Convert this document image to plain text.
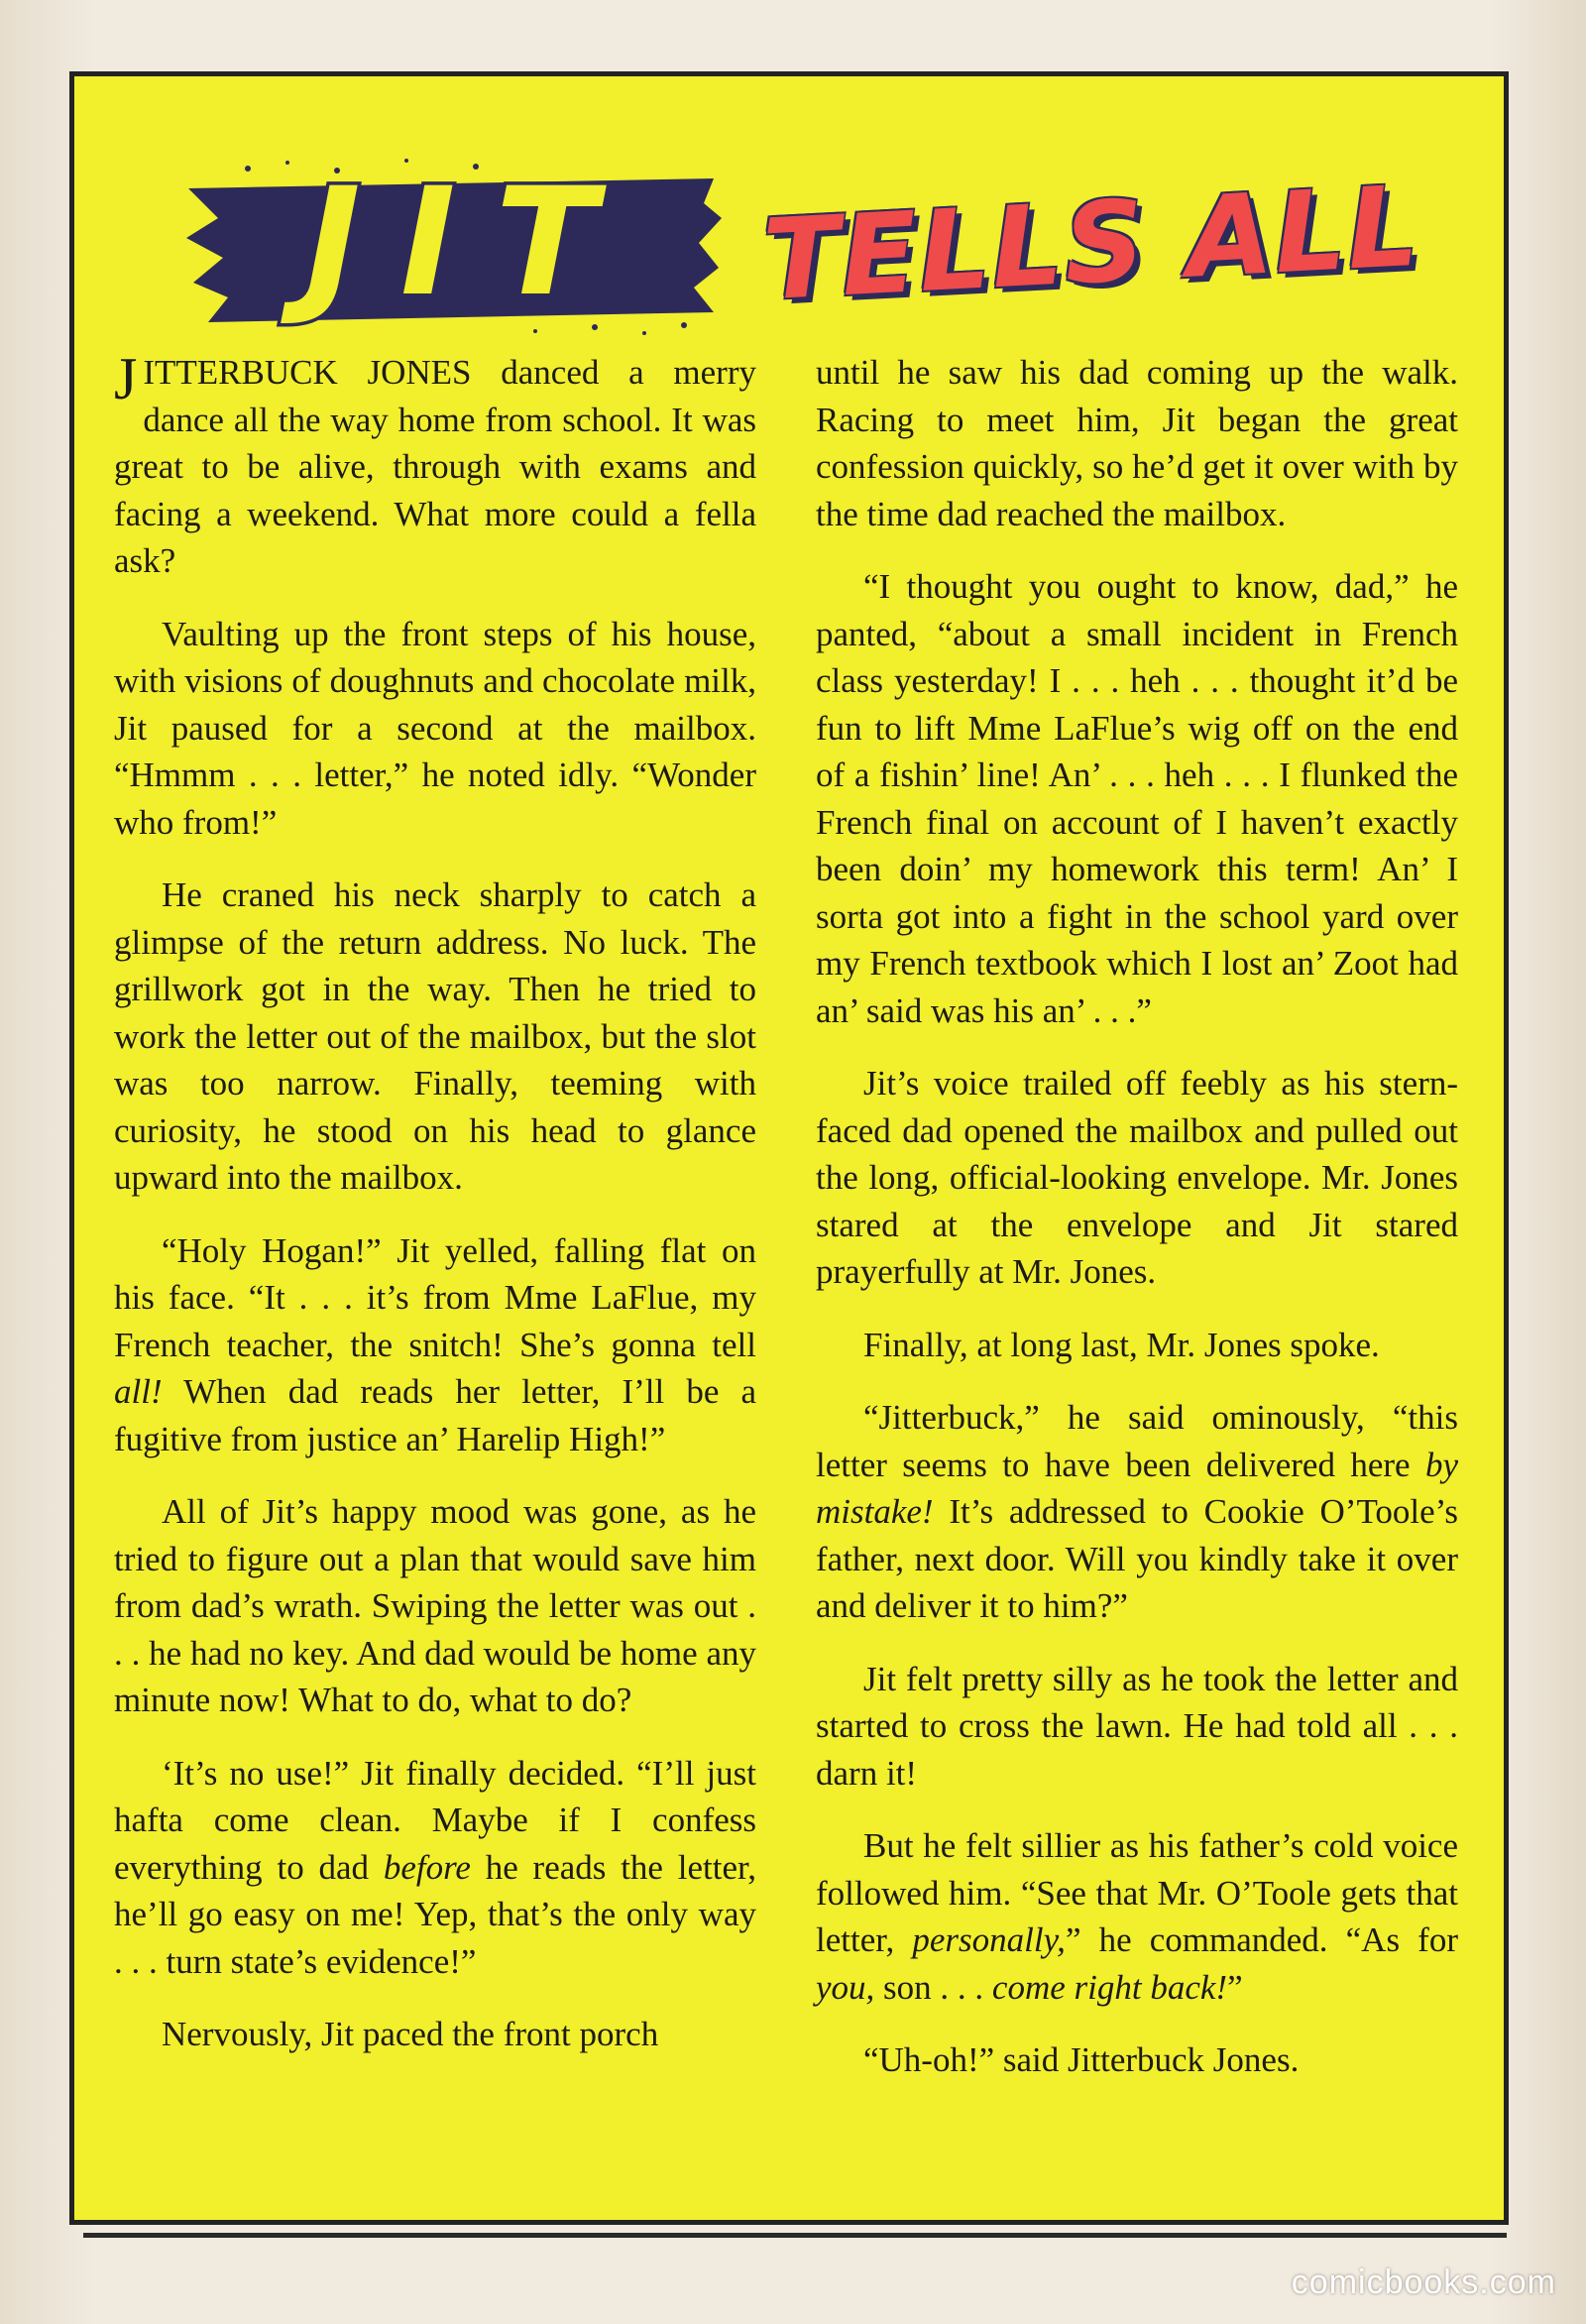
JIT	TELLS ALL

JITTERBUCK JONES danced a merry dance all the way home from school. It was great to be alive, through with exams and facing a weekend. What more could a fella ask?

Vaulting up the front steps of his house, with visions of doughnuts and chocolate milk, Jit paused for a second at the mailbox. “Hmmm . . . letter,” he noted idly. “Wonder who from!”

He craned his neck sharply to catch a glimpse of the return address. No luck. The grillwork got in the way. Then he tried to work the letter out of the mailbox, but the slot was too narrow. Finally, teeming with curiosity, he stood on his head to glance upward into the mailbox.

“Holy Hogan!” Jit yelled, falling flat on his face. “It . . . it’s from Mme LaFlue, my French teacher, the snitch! She’s gonna tell all! When dad reads her letter, I’ll be a fugitive from justice an’ Harelip High!”

All of Jit’s happy mood was gone, as he tried to figure out a plan that would save him from dad’s wrath. Swiping the letter was out . . . he had no key. And dad would be home any minute now! What to do, what to do?

‘It’s no use!” Jit finally decided. “I’ll just hafta come clean. Maybe if I confess everything to dad before he reads the letter, he’ll go easy on me! Yep, that’s the only way . . . turn state’s evidence!”

Nervously, Jit paced the front porch

until he saw his dad coming up the walk. Racing to meet him, Jit began the great confession quickly, so he’d get it over with by the time dad reached the mailbox.

“I thought you ought to know, dad,” he panted, “about a small incident in French class yesterday! I . . . heh . . . thought it’d be fun to lift Mme LaFlue’s wig off on the end of a fishin’ line! An’ . . . heh . . . I flunked the French final on account of I haven’t exactly been doin’ my homework this term! An’ I sorta got into a fight in the school yard over my French textbook which I lost an’ Zoot had an’ said was his an’ . . .”

Jit’s voice trailed off feebly as his stern-faced dad opened the mailbox and pulled out the long, official-looking envelope. Mr. Jones stared at the envelope and Jit stared prayerfully at Mr. Jones.

Finally, at long last, Mr. Jones spoke.

“Jitterbuck,” he said ominously, “this letter seems to have been delivered here by mistake! It’s addressed to Cookie O’Toole’s father, next door. Will you kindly take it over and deliver it to him?”

Jit felt pretty silly as he took the letter and started to cross the lawn. He had told all . . . darn it!

But he felt sillier as his father’s cold voice followed him. “See that Mr. O’Toole gets that letter, personally,” he commanded. “As for you, son . . . come right back!”

“Uh-oh!” said Jitterbuck Jones.

comicbooks.com
